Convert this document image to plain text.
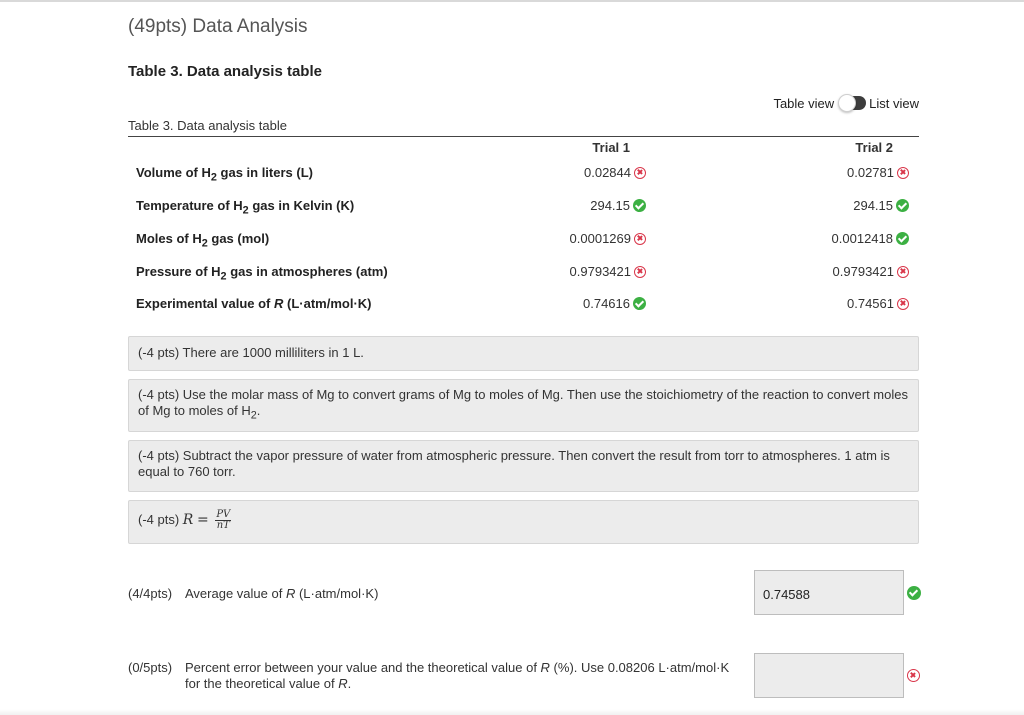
(49pts) Data Analysis
Table 3. Data analysis table
Table view	List view
Table 3. Data analysis table
Trial 1	Trial 2
Volume of $H_2$ gas in liters (L)	0.02844	0.02781
Temperature of $H_2$ gas in Kelvin (K)	294.15	294.15
Moles of $H_2$ gas (mol)	0.0001269	0.0012418
Pressure of $H_2$ gas in atmospheres (atm)	0.9793421	0.9793421
Experimental value of R (L·atm/mol·K)	0.74616	0.74561
(-4 pts) There are 1000 milliliters in 1 L.
(-4 pts) Use the molar mass of Mg to convert grams of Mg to moles of Mg. Then use the stoichiometry of the reaction to convert moles of Mg to moles of $H_2$.
(-4 pts) Subtract the vapor pressure of water from atmospheric pressure. Then convert the result from torr to atmospheres. 1 atm is equal to 760 torr.
(-4 pts) $R = \frac{PV}{nT}$
(4/4pts) Average value of R (L·atm/mol·K)	0.74588
(0/5pts) Percent error between your value and the theoretical value of R (%). Use 0.08206 L·atm/mol·K
for the theoretical value of R.
